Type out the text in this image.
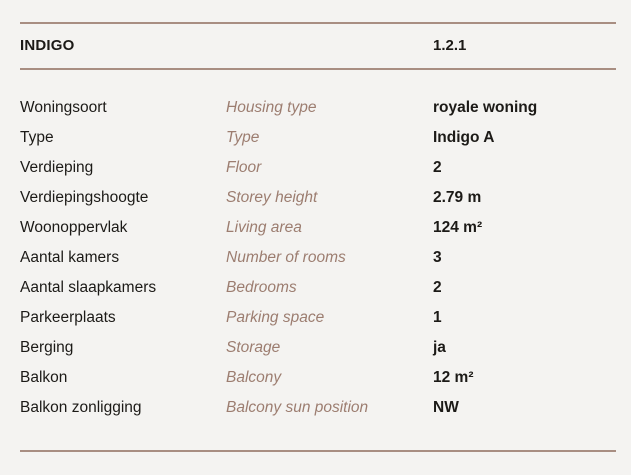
INDIGO	1.2.1
Woningsoort	Housing type	royale woning
Type	Type	Indigo A
Verdieping	Floor	2
Verdiepingshoogte	Storey height	2.79 m
Woonoppervlak	Living area	124 m²
Aantal kamers	Number of rooms	3
Aantal slaapkamers	Bedrooms	2
Parkeerplaats	Parking space	1
Berging	Storage	ja
Balkon	Balcony	12 m²
Balkon zonligging	Balcony sun position	NW
